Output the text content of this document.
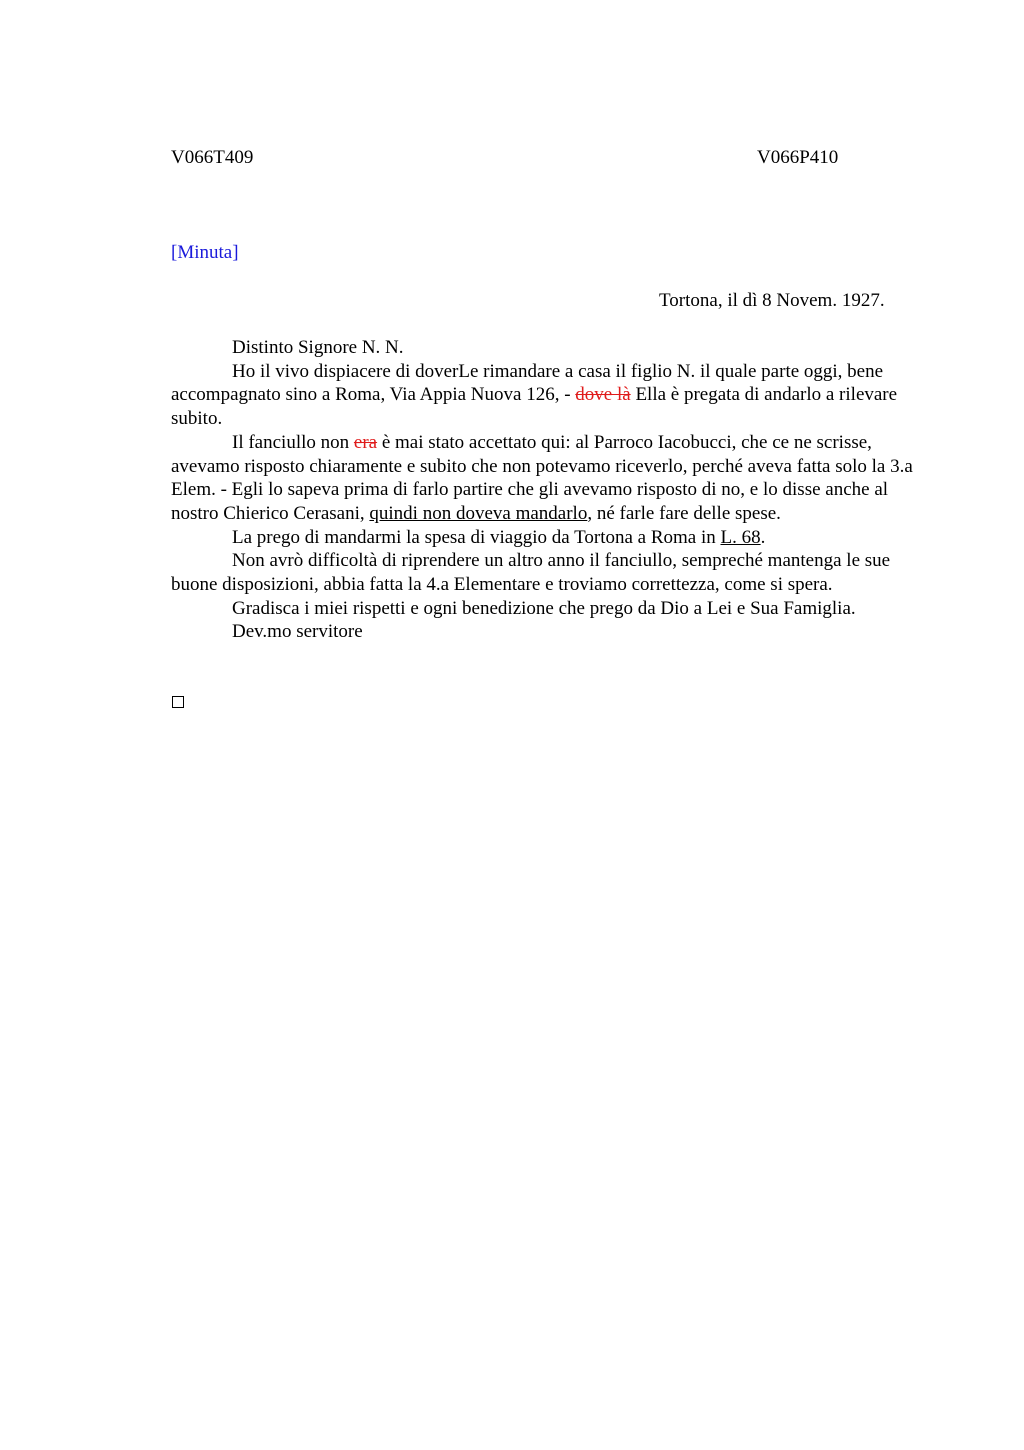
V066T409	V066P410
[Minuta]
Tortona, il dì 8 Novem. 1927.

Distinto Signore N. N.

Ho il vivo dispiacere di doverLe rimandare a casa il figlio N. il quale parte oggi, bene accompagnato sino a Roma, Via Appia Nuova 126, - dove là Ella è pregata di andarlo a rilevare subito.

Il fanciullo non era è mai stato accettato qui: al Parroco Iacobucci, che ce ne scrisse, avevamo risposto chiaramente e subito che non potevamo riceverlo, perché aveva fatta solo la 3.a Elem. - Egli lo sapeva prima di farlo partire che gli avevamo risposto di no, e lo disse anche al nostro Chierico Cerasani, quindi non doveva mandarlo, né farle fare delle spese.

La prego di mandarmi la spesa di viaggio da Tortona a Roma in L. 68.

Non avrò difficoltà di riprendere un altro anno il fanciullo, sempreché mantenga le sue buone disposizioni, abbia fatta la 4.a Elementare e troviamo correttezza, come si spera.

Gradisca i miei rispetti e ogni benedizione che prego da Dio a Lei e Sua Famiglia.

Dev.mo servitore
